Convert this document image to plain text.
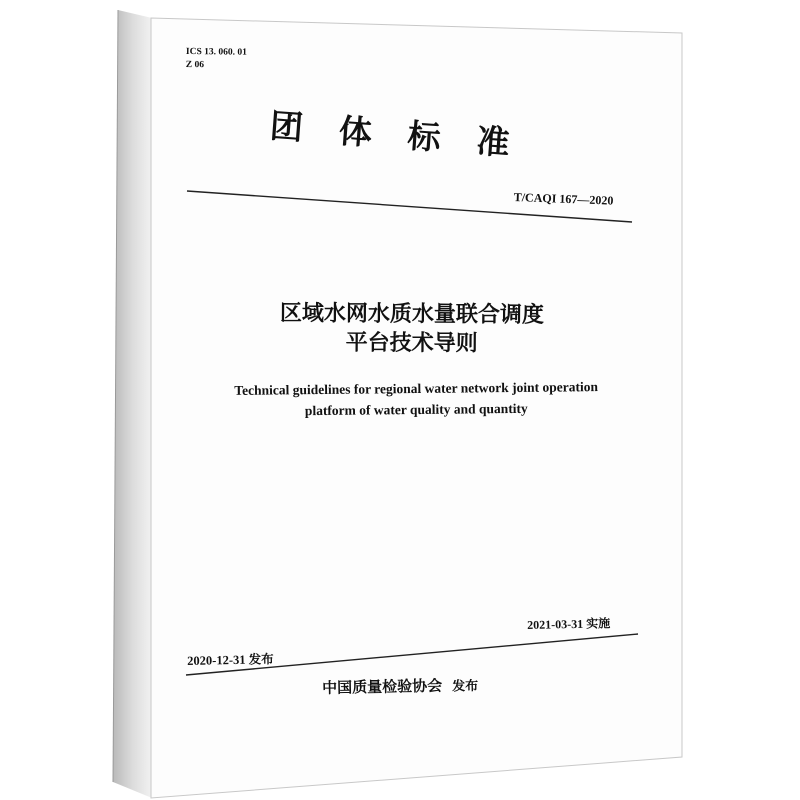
ICS 13. 060. 01
Z 06
团体标准
T/CAQI 167—2020
区域水网水质水量联合调度
平台技术导则
Technical guidelines for regional water network joint operation
platform of water quality and quantity
2021-03-31 实施
2020-12-31 发布
中国质量检验协会 发布
